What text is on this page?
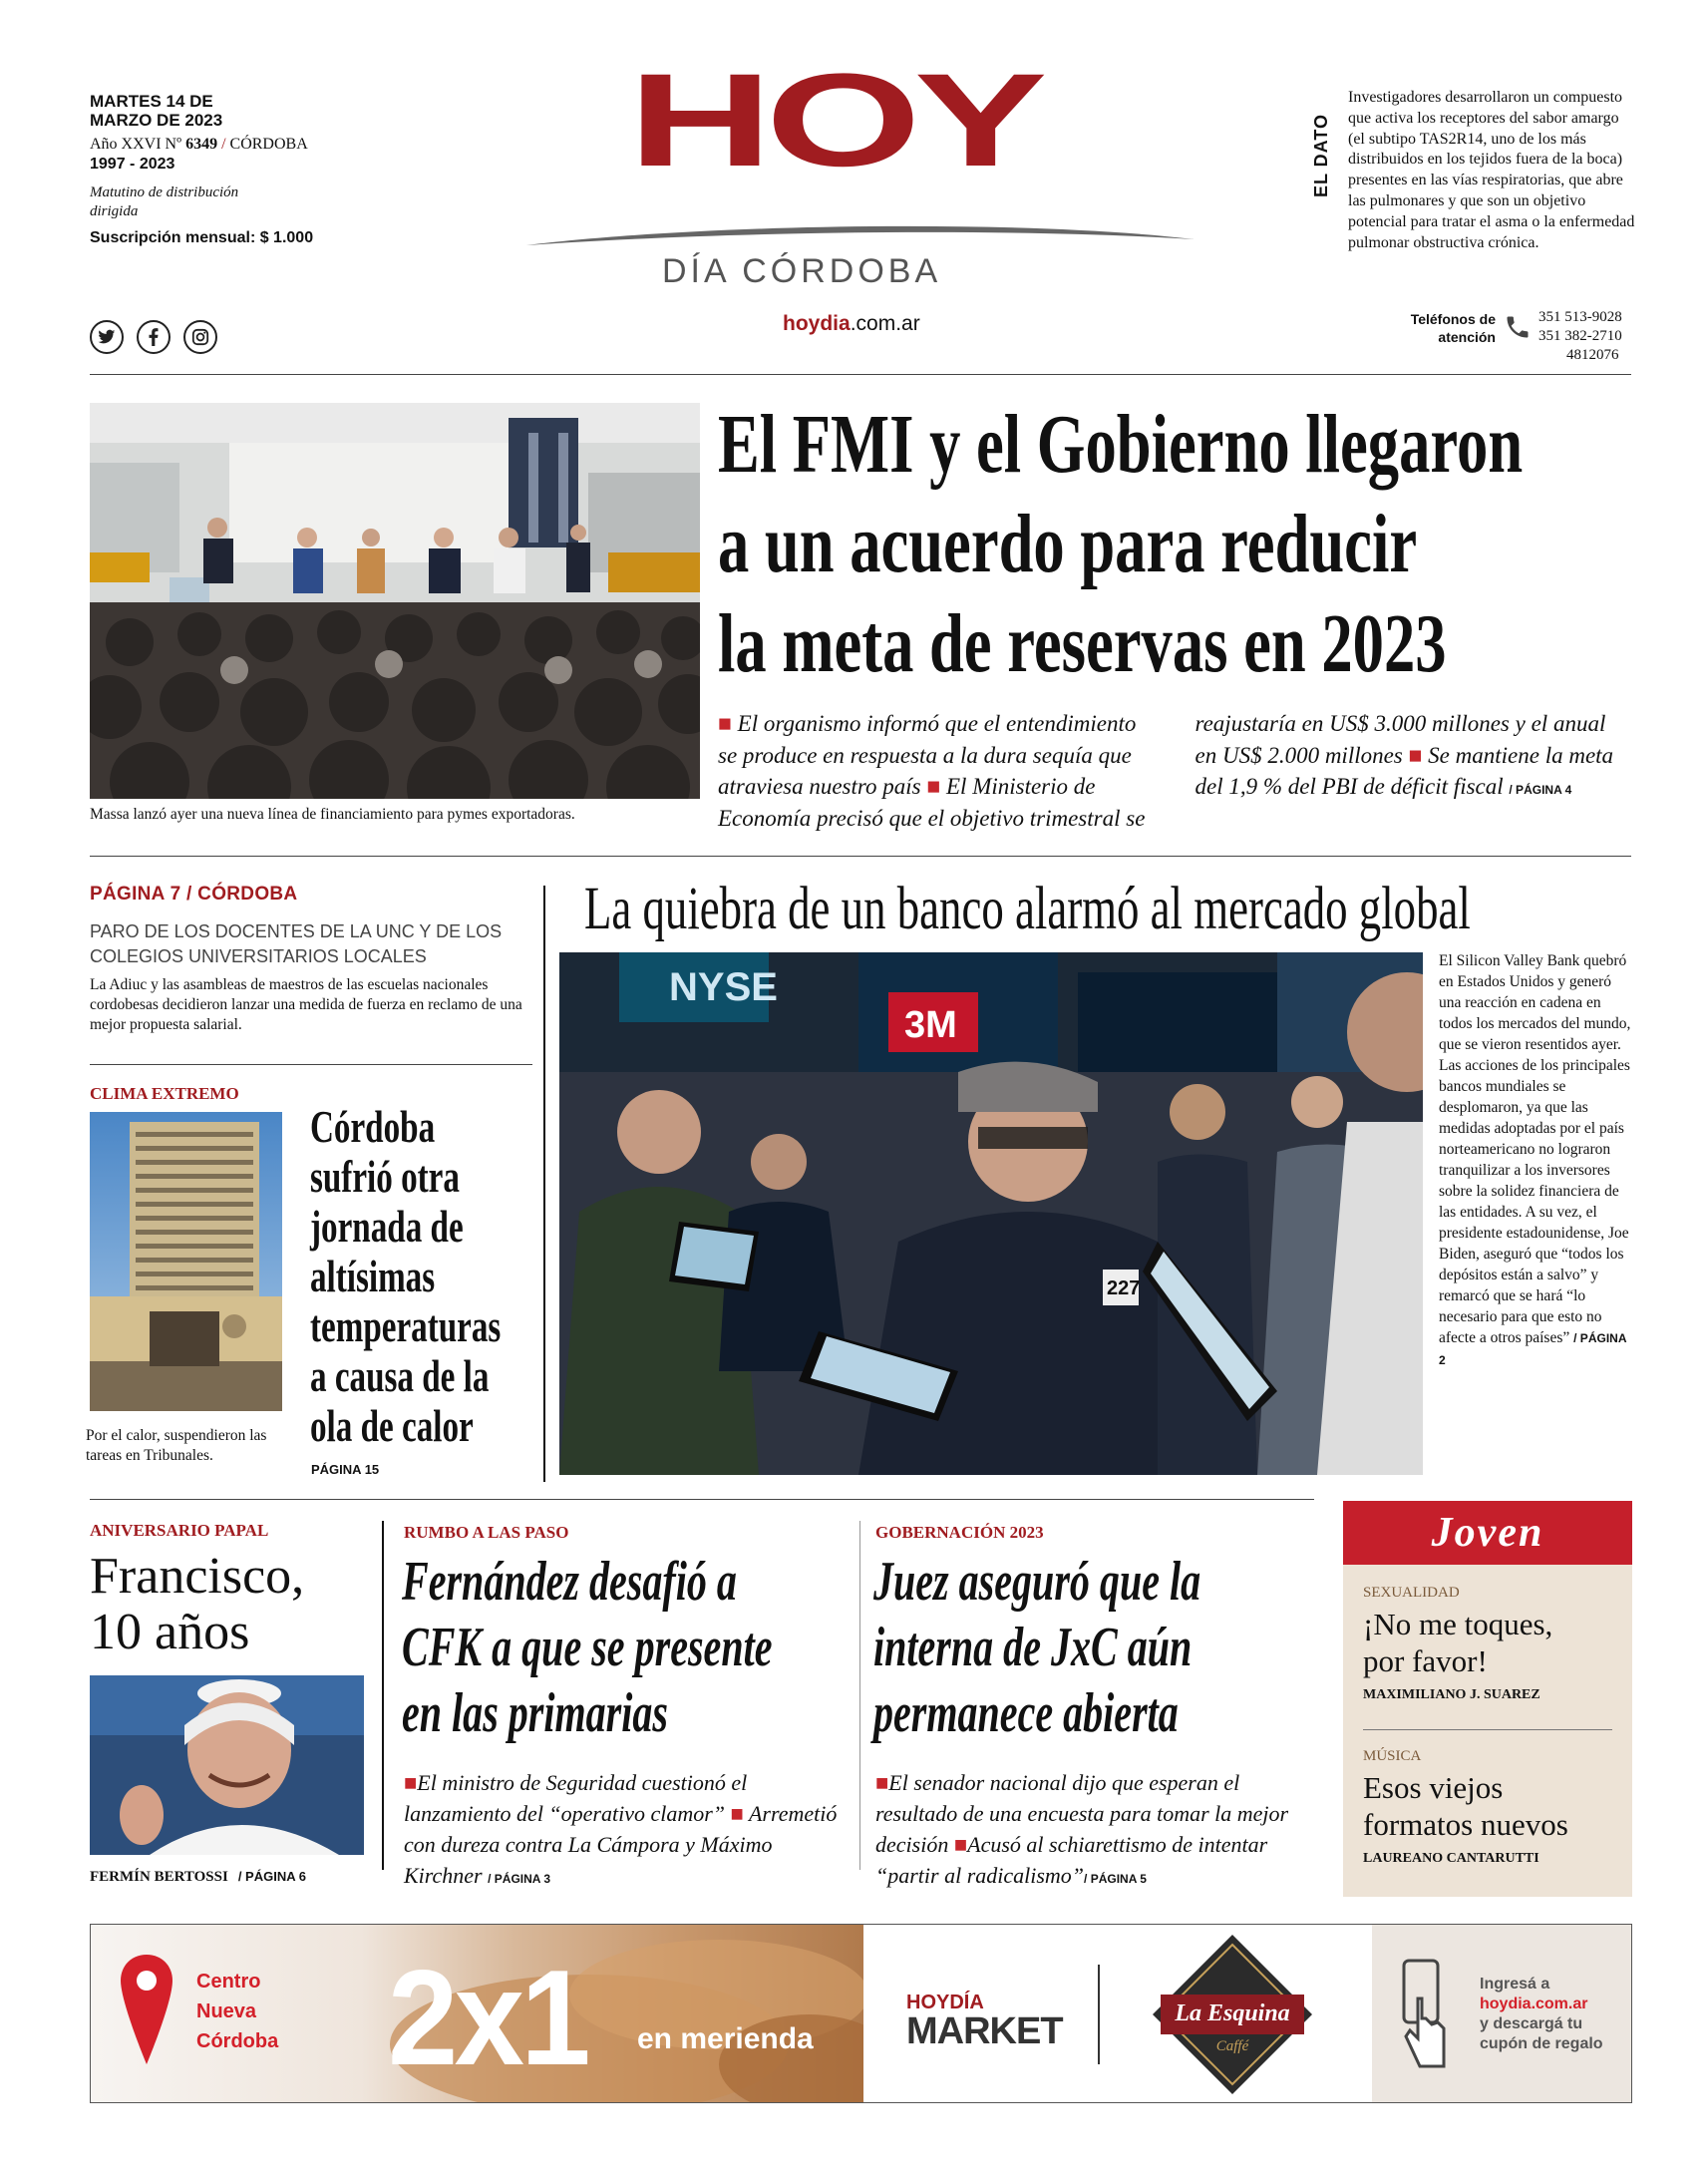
MARTES 14 DE MARZO DE 2023
Año XXVI Nº 6349 / CÓRDOBA
1997 - 2023
Matutino de distribución dirigida
Suscripción mensual: $ 1.000
HOY
DÍA CÓRDOBA
hoydia.com.ar
EL DATO
Investigadores desarrollaron un compuesto que activa los receptores del sabor amargo (el subtipo TAS2R14, uno de los más distribuidos en los tejidos fuera de la boca) presentes en las vías respiratorias, que abre las pulmonares y que son un objetivo potencial para tratar el asma o la enfermedad pulmonar obstructiva crónica.
Teléfonos de atención
351 513-9028
351 382-2710
4812076
Massa lanzó ayer una nueva línea de financiamiento para pymes exportadoras.
El FMI y el Gobierno llegaron
a un acuerdo para reducir
la meta de reservas en 2023
■ El organismo informó que el entendimiento se produce en respuesta a la dura sequía que atraviesa nuestro país ■ El Ministerio de Economía precisó que el objetivo trimestral se reajustaría en US$ 3.000 millones y el anual en US$ 2.000 millones ■ Se mantiene la meta del 1,9 % del PBI de déficit fiscal / PÁGINA 4
PÁGINA 7 / CÓRDOBA
PARO DE LOS DOCENTES DE LA UNC Y DE LOS COLEGIOS UNIVERSITARIOS LOCALES
La Adiuc y las asambleas de maestros de las escuelas nacionales cordobesas decidieron lanzar una medida de fuerza en reclamo de una mejor propuesta salarial.
CLIMA EXTREMO
Por el calor, suspendieron las tareas en Tribunales.
Córdoba
sufrió otra
jornada de
altísimas
temperaturas
a causa de la
ola de calor
PÁGINA 15
La quiebra de un banco alarmó al mercado global
NYSE
3M
227
El Silicon Valley Bank quebró en Estados Unidos y generó una reacción en cadena en todos los mercados del mundo, que se vieron resentidos ayer. Las acciones de los principales bancos mundiales se desplomaron, ya que las medidas adoptadas por el país norteamericano no lograron tranquilizar a los inversores sobre la solidez financiera de las entidades. A su vez, el presidente estadounidense, Joe Biden, aseguró que “todos los depósitos están a salvo” y remarcó que se hará “lo necesario para que esto no afecte a otros países” / PÁGINA 2
ANIVERSARIO PAPAL
Francisco,
10 años
FERMÍN BERTOSSI / PÁGINA 6
RUMBO A LAS PASO
Fernández desafió a
CFK a que se presente
en las primarias
■El ministro de Seguridad cuestionó el lanzamiento del “operativo clamor” ■ Arremetió con dureza contra La Cámpora y Máximo Kirchner / PÁGINA 3
GOBERNACIÓN 2023
Juez aseguró que la
interna de JxC aún
permanece abierta
■El senador nacional dijo que esperan el resultado de una encuesta para tomar la mejor decisión ■Acusó al schiarettismo de intentar “partir al radicalismo”/ PÁGINA 5
Joven
SEXUALIDAD
¡No me toques,
por favor!
MAXIMILIANO J. SUAREZ
MÚSICA
Esos viejos
formatos nuevos
LAUREANO CANTARUTTI
Centro
Nueva
Córdoba 2x1 en merienda
HOYDÍA
MARKET	La Esquina
Caffé
Ingresá a
hoydia.com.ar
y descargá tu cupón de regalo
